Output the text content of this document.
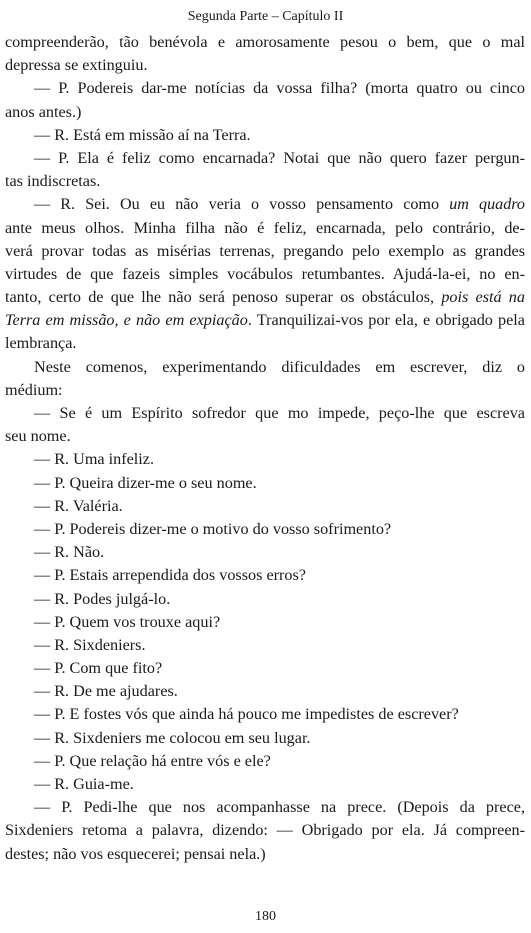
Segunda Parte – Capítulo II
compreenderão, tão benévola e amorosamente pesou o bem, que o mal
depressa se extinguiu.
— P. Podereis dar-me notícias da vossa filha? (morta quatro ou cinco
anos antes.)
— R. Está em missão aí na Terra.
— P. Ela é feliz como encarnada? Notai que não quero fazer pergun-
tas indiscretas.
— R. Sei. Ou eu não veria o vosso pensamento como um quadro
ante meus olhos. Minha filha não é feliz, encarnada, pelo contrário, de-
verá provar todas as misérias terrenas, pregando pelo exemplo as grandes
virtudes de que fazeis simples vocábulos retumbantes. Ajudá-la-ei, no en-
tanto, certo de que lhe não será penoso superar os obstáculos, pois está na
Terra em missão, e não em expiação. Tranquilizai-vos por ela, e obrigado pela
lembrança.
Neste comenos, experimentando dificuldades em escrever, diz o
médium:
— Se é um Espírito sofredor que mo impede, peço-lhe que escreva
seu nome.
— R. Uma infeliz.
— P. Queira dizer-me o seu nome.
— R. Valéria.
— P. Podereis dizer-me o motivo do vosso sofrimento?
— R. Não.
— P. Estais arrependida dos vossos erros?
— R. Podes julgá-lo.
— P. Quem vos trouxe aqui?
— R. Sixdeniers.
— P. Com que fito?
— R. De me ajudares.
— P. E fostes vós que ainda há pouco me impedistes de escrever?
— R. Sixdeniers me colocou em seu lugar.
— P. Que relação há entre vós e ele?
— R. Guia-me.
— P. Pedi-lhe que nos acompanhasse na prece. (Depois da prece,
Sixdeniers retoma a palavra, dizendo: — Obrigado por ela. Já compreen-
destes; não vos esquecerei; pensai nela.)
180
